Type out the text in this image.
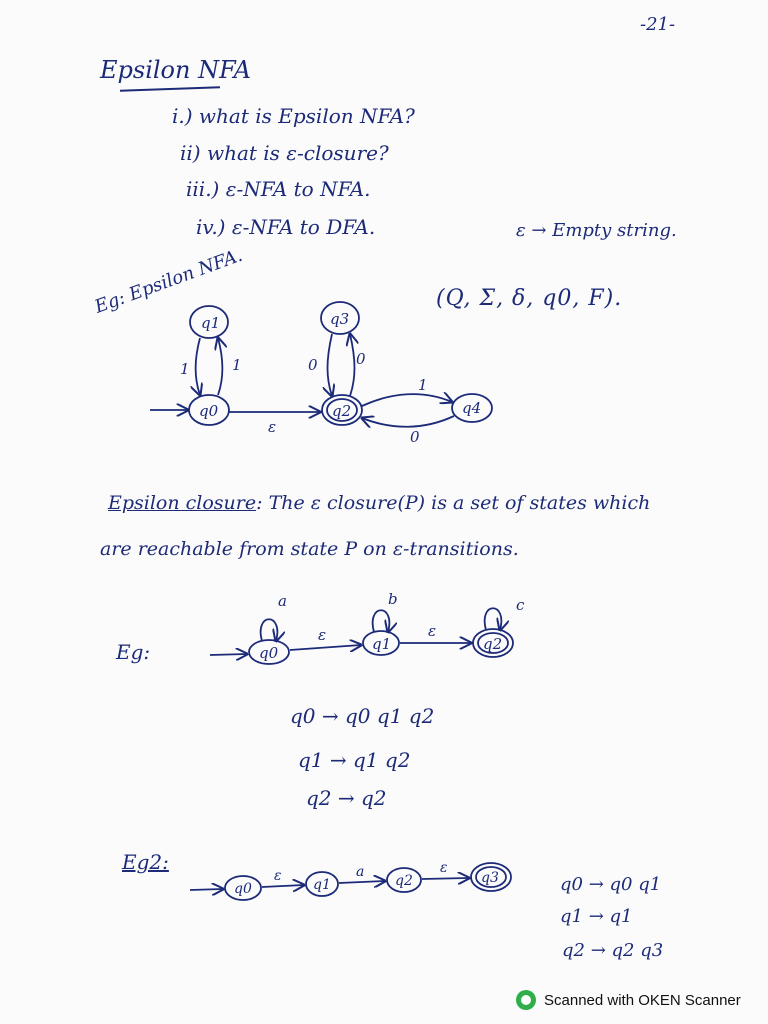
-21-
Epsilon NFA
i.) what is Epsilon NFA?
ii) what is ε-closure?
iii.) ε-NFA to NFA.
iv.) ε-NFA to DFA.	ε → Empty string.
(Q, Σ, δ, q0, F).
Eg: Epsilon NFA.
q1	q3
q0	q2	q4
1	1	0	0
ε
1
0
Epsilon closure: The ε closure(P) is a set of states which
are reachable from state P on ε-transitions.
Eg:	q0	q1	q2
a	b	c
ε	ε
q0 → q0 q1 q2
q1 → q1 q2
q2 → q2
Eg2:
q0	q1	q2	q3
ε	a	ε
q0 → q0 q1
q1 → q1
q2 → q2 q3
Scanned with OKEN Scanner
